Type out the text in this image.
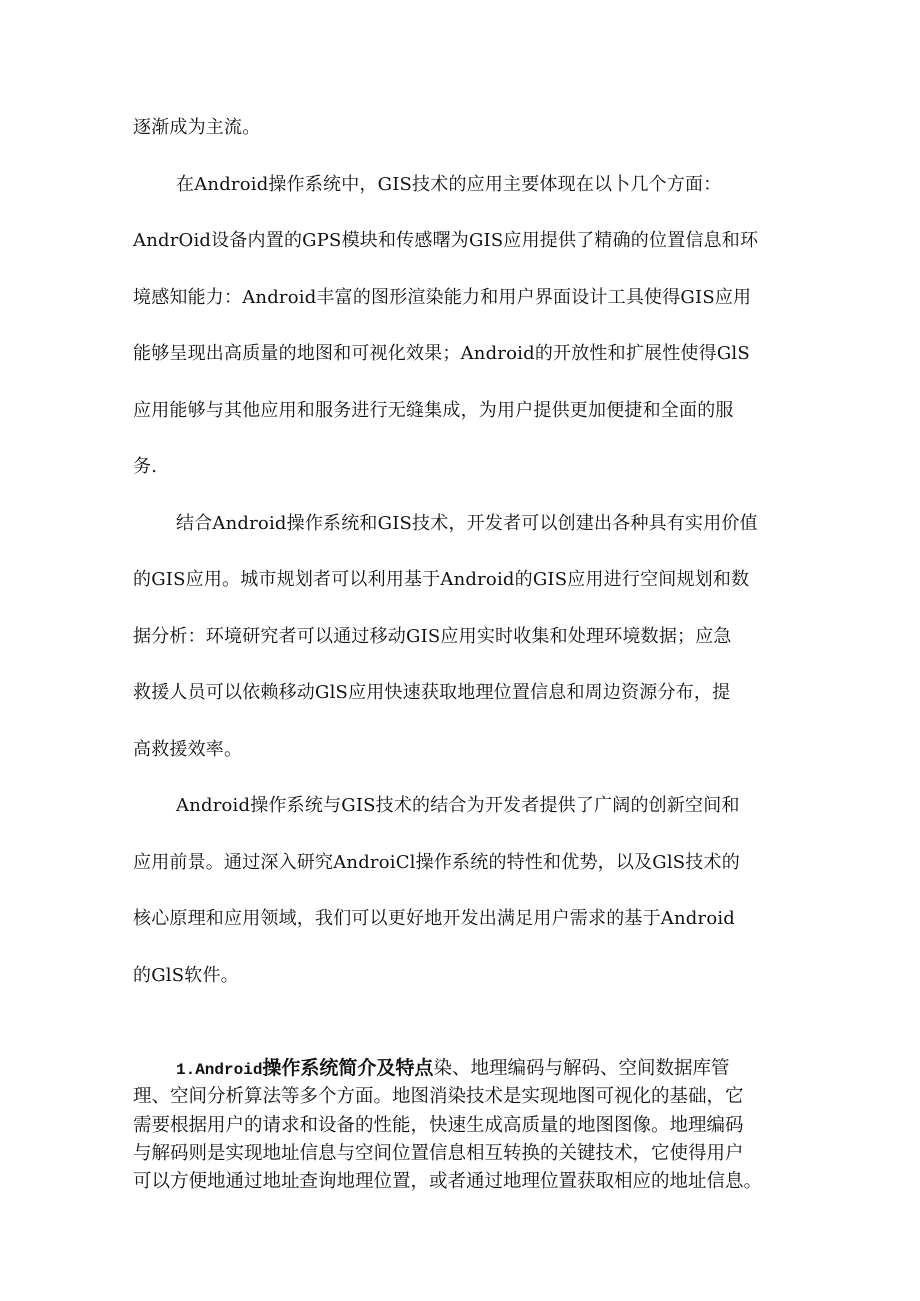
逐渐成为主流。
在Android操作系统中，GIS技术的应用主要体现在以卜几个方面：
AndrOid设备内置的GPS模块和传感曙为GIS应用提供了精确的位置信息和环
境感知能力：Android丰富的图形渲染能力和用户界面设计工具使得GIS应用
能够呈现出高质量的地图和可视化效果；Android的开放性和扩展性使得GlS
应用能够与其他应用和服务进行无缝集成，为用户提供更加便捷和全面的服
务.
结合Android操作系统和GIS技术，开发者可以创建出各种具有实用价值
的GIS应用。城市规划者可以利用基于Android的GIS应用进行空间规划和数
据分析：环境研究者可以通过移动GIS应用实时收集和处理环境数据；应急
救援人员可以依赖移动GlS应用快速获取地理位置信息和周边资源分布，提
高救援效率。
Android操作系统与GIS技术的结合为开发者提供了广阔的创新空间和
应用前景。通过深入研究AndroiCl操作系统的特性和优势，以及GlS技术的
核心原理和应用领域，我们可以更好地开发出满足用户需求的基于Android
的GlS软件。
1.Android操作系统简介及特点染、地理编码与解码、空间数据库管
理、空间分析算法等多个方面。地图消染技术是实现地图可视化的基础，它
需要根据用户的请求和设备的性能，快速生成高质量的地图图像。地理编码
与解码则是实现地址信息与空间位置信息相互转换的关键技术，它使得用户
可以方便地通过地址查询地理位置，或者通过地理位置获取相应的地址信息。
